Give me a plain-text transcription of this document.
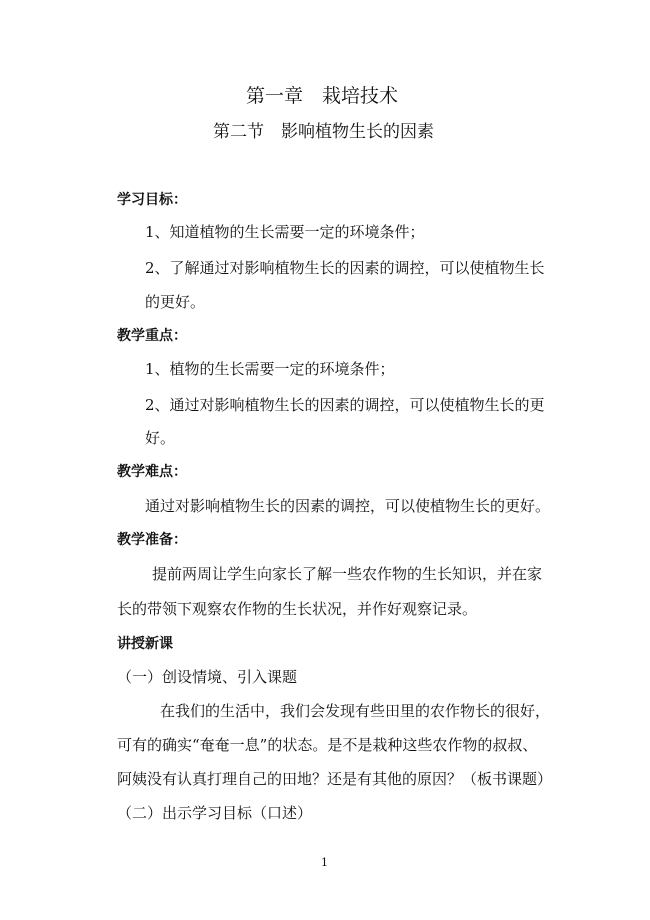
第一章　栽培技术
第二节　影响植物生长的因素
学习目标：
1、知道植物的生长需要一定的环境条件；
2、了解通过对影响植物生长的因素的调控，可以使植物生长
的更好。
教学重点：
1、植物的生长需要一定的环境条件；
2、通过对影响植物生长的因素的调控，可以使植物生长的更
好。
教学难点：
通过对影响植物生长的因素的调控，可以使植物生长的更好。
教学准备：
提前两周让学生向家长了解一些农作物的生长知识，并在家
长的带领下观察农作物的生长状况，并作好观察记录。
讲授新课
（一）创设情境、引入课题
在我们的生活中，我们会发现有些田里的农作物长的很好，
可有的确实“奄奄一息”的状态。是不是栽种这些农作物的叔叔、
阿姨没有认真打理自己的田地？还是有其他的原因？（板书课题）
（二）出示学习目标（口述）
1
